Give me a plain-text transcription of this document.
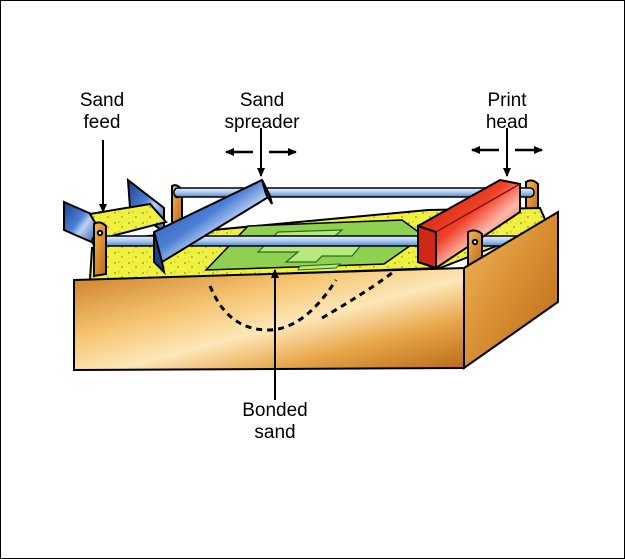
Sand
feed
Sand
spreader
Print
head
Bonded
sand
